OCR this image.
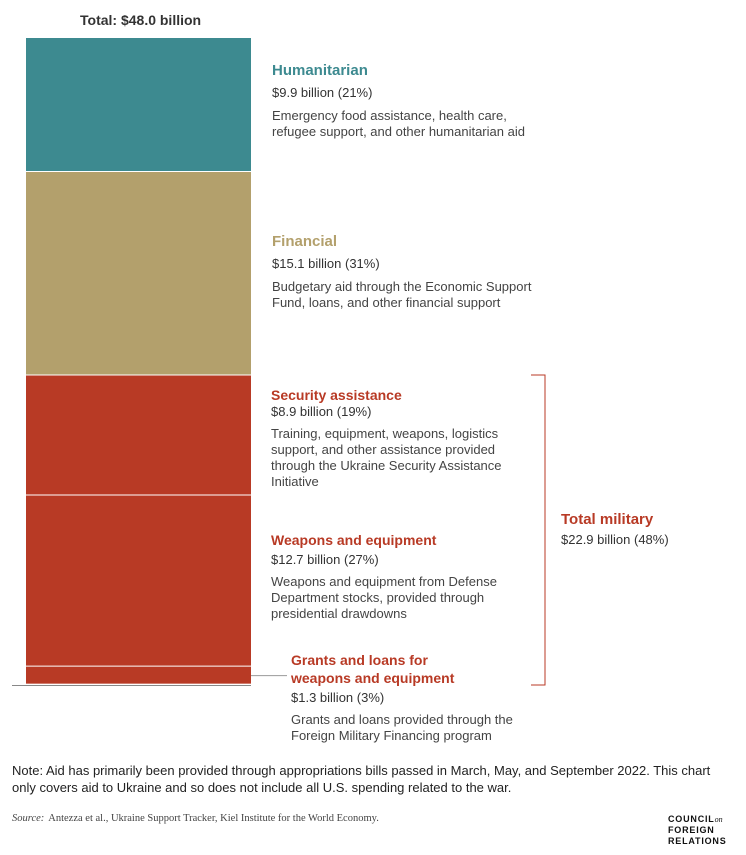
Total: $48.0 billion
Humanitarian
$9.9 billion (21%)
Emergency food assistance, health care, refugee support, and other humanitarian aid
Financial
$15.1 billion (31%)
Budgetary aid through the Economic Support Fund, loans, and other financial support
Security assistance
$8.9 billion (19%)
Training, equipment, weapons, logistics support, and other assistance provided through the Ukraine Security Assistance Initiative
Weapons and equipment
$12.7 billion (27%)
Weapons and equipment from Defense Department stocks, provided through presidential drawdowns
Grants and loans for weapons and equipment
$1.3 billion (3%)
Grants and loans provided through the Foreign Military Financing program
Total military
$22.9 billion (48%)
Note: Aid has primarily been provided through appropriations bills passed in March, May, and September 2022. This chart only covers aid to Ukraine and so does not include all U.S. spending related to the war.
Source: Antezza et al., Ukraine Support Tracker, Kiel Institute for the World Economy.	COUNCILon
FOREIGN
RELATIONS
